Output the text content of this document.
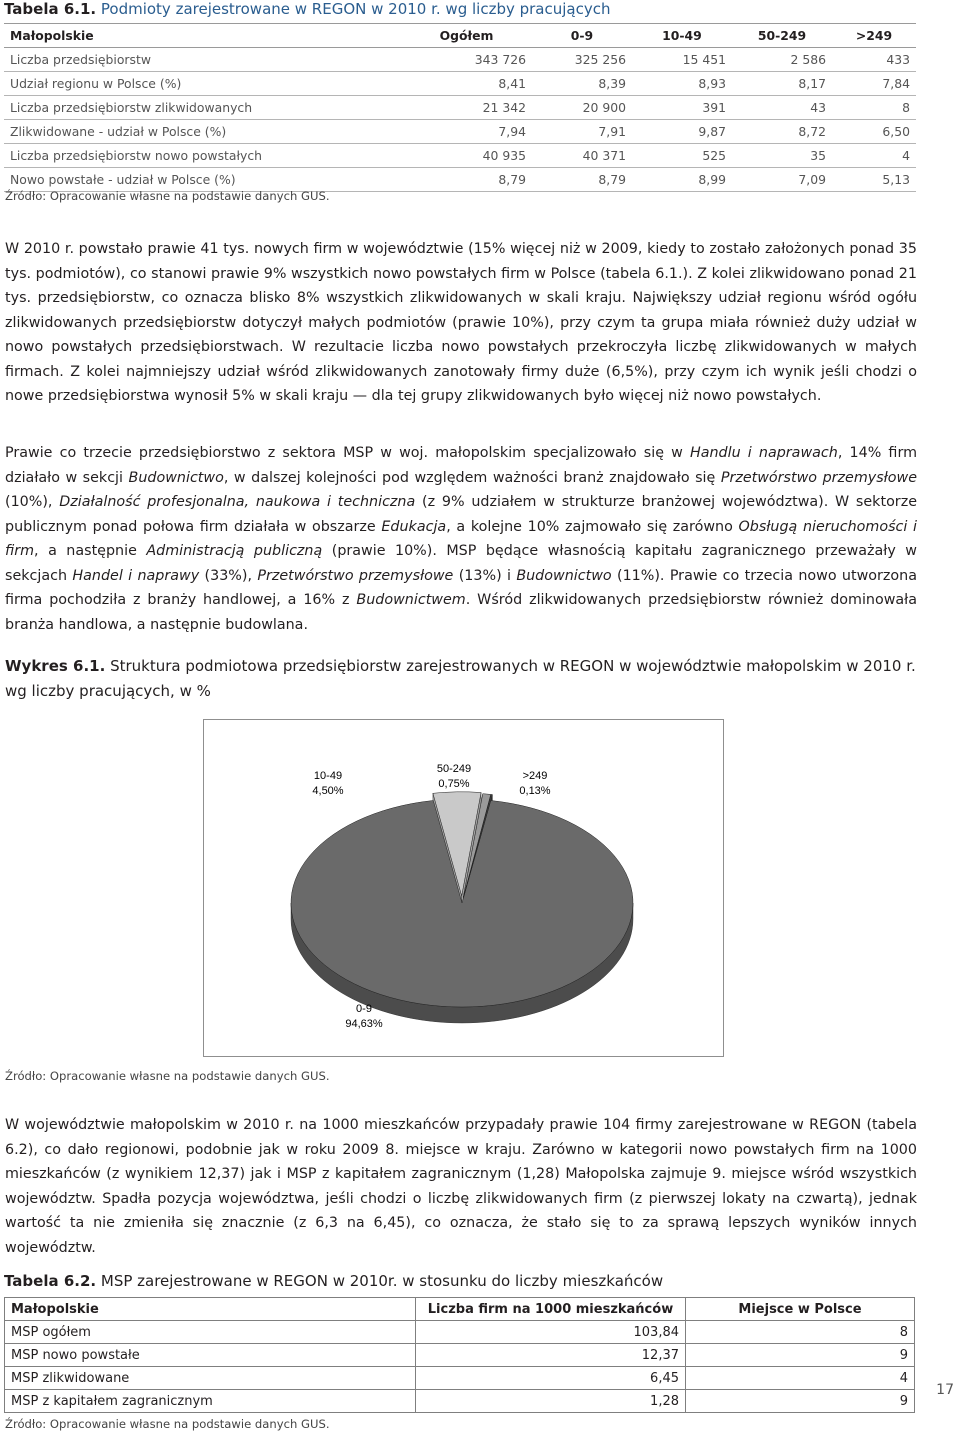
Tabela 6.1. Podmioty zarejestrowane w REGON w 2010 r. wg liczby pracujących
Małopolskie	Ogółem	0-9	10-49	50-249	>249
Liczba przedsiębiorstw	343 726	325 256	15 451	2 586	433
Udział regionu w Polsce (%)	8,41	8,39	8,93	8,17	7,84
Liczba przedsiębiorstw zlikwidowanych	21 342	20 900	391	43	8
Zlikwidowane - udział w Polsce (%)	7,94	7,91	9,87	8,72	6,50
Liczba przedsiębiorstw nowo powstałych	40 935	40 371	525	35	4
Nowo powstałe - udział w Polsce (%)	8,79	8,79	8,99	7,09	5,13
Źródło: Opracowanie własne na podstawie danych GUS.
W 2010 r. powstało prawie 41 tys. nowych firm w województwie (15% więcej niż w 2009, kiedy to zostało założonych ponad 35 tys. podmiotów), co stanowi prawie 9% wszystkich nowo powstałych firm w Polsce (tabela 6.1.). Z kolei zlikwidowano ponad 21 tys. przedsiębiorstw, co oznacza blisko 8% wszystkich zlikwidowanych w skali kraju. Największy udział regionu wśród ogółu zlikwidowanych przedsiębiorstw dotyczył małych podmiotów (prawie 10%), przy czym ta grupa miała również duży udział w nowo powstałych przedsiębiorstwach. W rezultacie liczba nowo powstałych przekroczyła liczbę zlikwidowanych w małych firmach. Z kolei najmniejszy udział wśród zlikwidowanych zanotowały firmy duże (6,5%), przy czym ich wynik jeśli chodzi o nowe przedsiębiorstwa wynosił 5% w skali kraju — dla tej grupy zlikwidowanych było więcej niż nowo powstałych.
Prawie co trzecie przedsiębiorstwo z sektora MSP w woj. małopolskim specjalizowało się w Handlu i naprawach, 14% firm działało w sekcji Budownictwo, w dalszej kolejności pod względem ważności branż znajdowało się Przetwórstwo przemysłowe (10%), Działalność profesjonalna, naukowa i techniczna (z 9% udziałem w strukturze branżowej województwa). W sektorze publicznym ponad połowa firm działała w obszarze Edukacja, a kolejne 10% zajmowało się zarówno Obsługą nieruchomości i firm, a następnie Administracją publiczną (prawie 10%). MSP będące własnością kapitału zagranicznego przeważały w sekcjach Handel i naprawy (33%), Przetwórstwo przemysłowe (13%) i Budownictwo (11%). Prawie co trzecia nowo utworzona firma pochodziła z branży handlowej, a 16% z Budownictwem. Wśród zlikwidowanych przedsiębiorstw również dominowała branża handlowa, a następnie budowlana.
Wykres 6.1. Struktura podmiotowa przedsiębiorstw zarejestrowanych w REGON w województwie małopolskim w 2010 r. wg liczby pracujących, w %
0-9
94,63%
10-49
4,50%
50-249
0,75%
>249
0,13%
Źródło: Opracowanie własne na podstawie danych GUS.
W województwie małopolskim w 2010 r. na 1000 mieszkańców przypadały prawie 104 firmy zarejestrowane w REGON (tabela 6.2), co dało regionowi, podobnie jak w roku 2009 8. miejsce w kraju. Zarówno w kategorii nowo powstałych firm na 1000 mieszkańców (z wynikiem 12,37) jak i MSP z kapitałem zagranicznym (1,28) Małopolska zajmuje 9. miejsce wśród wszystkich województw. Spadła pozycja województwa, jeśli chodzi o liczbę zlikwidowanych firm (z pierwszej lokaty na czwartą), jednak wartość ta nie zmieniła się znacznie (z 6,3 na 6,45), co oznacza, że stało się to za sprawą lepszych wyników innych województw.
Tabela 6.2. MSP zarejestrowane w REGON w 2010r. w stosunku do liczby mieszkańców
Małopolskie	Liczba firm na 1000 mieszkańców	Miejsce w Polsce
MSP ogółem	103,84	8
MSP nowo powstałe	12,37	9
MSP zlikwidowane	6,45	4
MSP z kapitałem zagranicznym	1,28	9
Źródło: Opracowanie własne na podstawie danych GUS.
17
